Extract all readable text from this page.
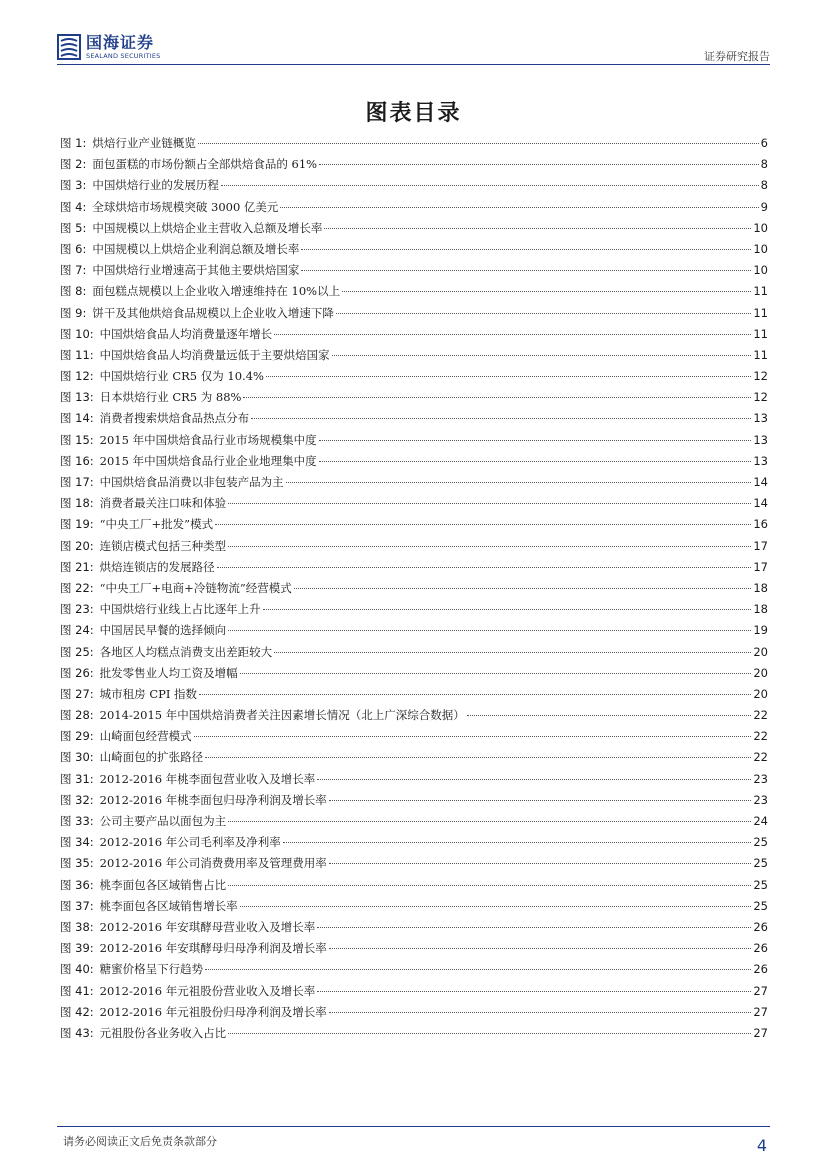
国海证券
SEALAND SECURITIES	证券研究报告
图表目录
图 1: 烘焙行业产业链概览	6
图 2: 面包蛋糕的市场份额占全部烘焙食品的 61%	8
图 3: 中国烘焙行业的发展历程	8
图 4: 全球烘焙市场规模突破 3000 亿美元	9
图 5: 中国规模以上烘焙企业主营收入总额及增长率	10
图 6: 中国规模以上烘焙企业利润总额及增长率	10
图 7: 中国烘焙行业增速高于其他主要烘焙国家	10
图 8: 面包糕点规模以上企业收入增速维持在 10%以上	11
图 9: 饼干及其他烘焙食品规模以上企业收入增速下降	11
图 10: 中国烘焙食品人均消费量逐年增长	11
图 11: 中国烘焙食品人均消费量远低于主要烘焙国家	11
图 12: 中国烘焙行业 CR5 仅为 10.4%	12
图 13: 日本烘焙行业 CR5 为 88%	12
图 14: 消费者搜索烘焙食品热点分布	13
图 15: 2015 年中国烘焙食品行业市场规模集中度	13
图 16: 2015 年中国烘焙食品行业企业地理集中度	13
图 17: 中国烘焙食品消费以非包装产品为主	14
图 18: 消费者最关注口味和体验	14
图 19: “中央工厂+批发”模式	16
图 20: 连锁店模式包括三种类型	17
图 21: 烘焙连锁店的发展路径	17
图 22: “中央工厂+电商+冷链物流”经营模式	18
图 23: 中国烘焙行业线上占比逐年上升	18
图 24: 中国居民早餐的选择倾向	19
图 25: 各地区人均糕点消费支出差距较大	20
图 26: 批发零售业人均工资及增幅	20
图 27: 城市租房 CPI 指数	20
图 28: 2014-2015 年中国烘焙消费者关注因素增长情况（北上广深综合数据）	22
图 29: 山崎面包经营模式	22
图 30: 山崎面包的扩张路径	22
图 31: 2012-2016 年桃李面包营业收入及增长率	23
图 32: 2012-2016 年桃李面包归母净利润及增长率	23
图 33: 公司主要产品以面包为主	24
图 34: 2012-2016 年公司毛利率及净利率	25
图 35: 2012-2016 年公司消费费用率及管理费用率	25
图 36: 桃李面包各区域销售占比	25
图 37: 桃李面包各区域销售增长率	25
图 38: 2012-2016 年安琪酵母营业收入及增长率	26
图 39: 2012-2016 年安琪酵母归母净利润及增长率	26
图 40: 糖蜜价格呈下行趋势	26
图 41: 2012-2016 年元祖股份营业收入及增长率	27
图 42: 2012-2016 年元祖股份归母净利润及增长率	27
图 43: 元祖股份各业务收入占比	27
请务必阅读正文后免责条款部分	4
